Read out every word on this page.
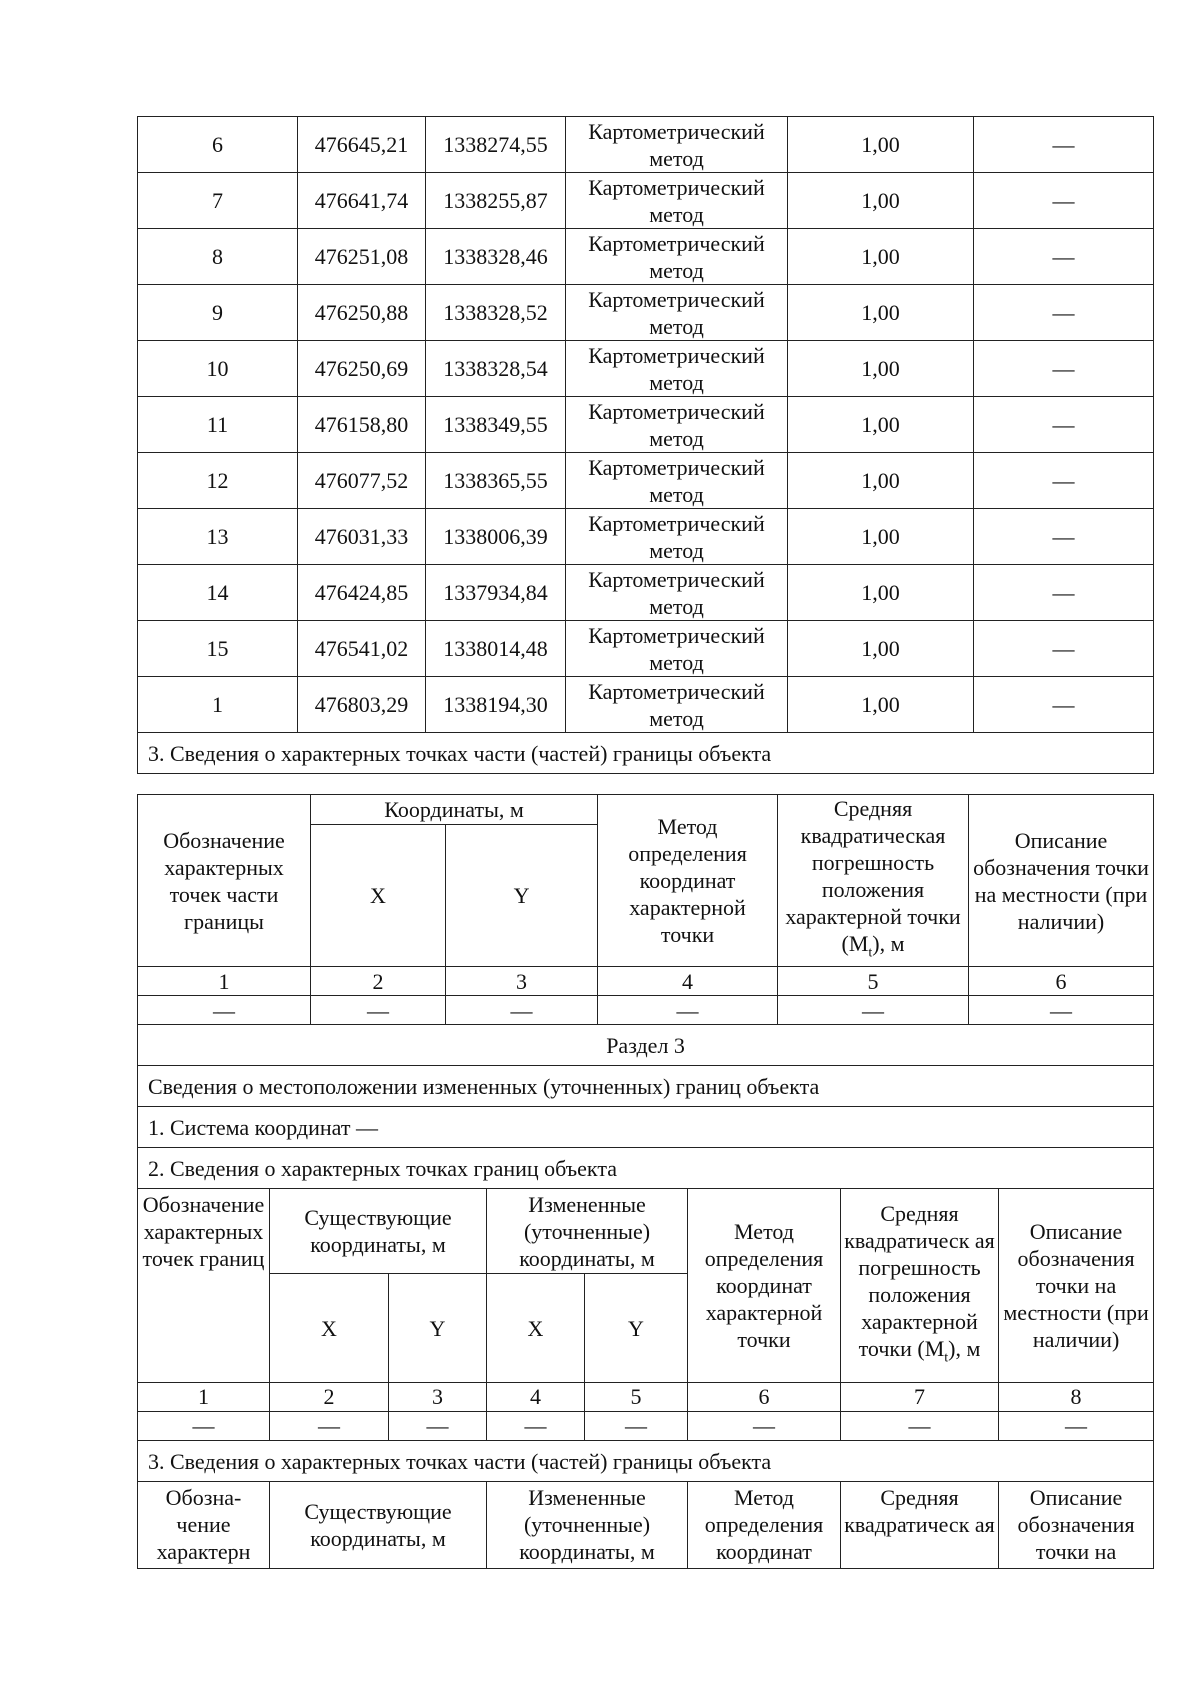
6	476645,21	1338274,55	Картометрический метод	1,00	—
7	476641,74	1338255,87	Картометрический метод	1,00	—
8	476251,08	1338328,46	Картометрический метод	1,00	—
9	476250,88	1338328,52	Картометрический метод	1,00	—
10	476250,69	1338328,54	Картометрический метод	1,00	—
11	476158,80	1338349,55	Картометрический метод	1,00	—
12	476077,52	1338365,55	Картометрический метод	1,00	—
13	476031,33	1338006,39	Картометрический метод	1,00	—
14	476424,85	1337934,84	Картометрический метод	1,00	—
15	476541,02	1338014,48	Картометрический метод	1,00	—
1	476803,29	1338194,30	Картометрический метод	1,00	—
3. Сведения о характерных точках части (частей) границы объекта					
Обозначение характерных точек части границы	Координаты, м		Метод определения координат характерной точки	Средняя квадратическая погрешность положения характерной точки $(M_t)$, м	Описание обозначения точки на местности (при наличии)
	X	Y			
1	2	3	4	5	6
—	—	—	—	—	—
Раздел 3							
Сведения о местоположении измененных (уточненных) границ объекта							
1. Система координат —							
2. Сведения о характерных точках границ объекта							
Обозначение характерных точек границ	Существующие координаты, м		Измененные (уточненные) координаты, м		Метод определения координат характерной точки	Средняя квадратическ ая погрешность положения характерной точки $(M_t)$, м	Описание обозначения точки на местности (при наличии)
	X	Y	X	Y			
1	2	3	4	5	6	7	8
—	—	—	—	—	—	—	—
3. Сведения о характерных точках части (частей) границы объекта							
Обозна-чение характерн	Существующие координаты, м		Измененные (уточненные) координаты, м		Метод определения координат	Средняя квадратическ ая	Описание обозначения точки на
